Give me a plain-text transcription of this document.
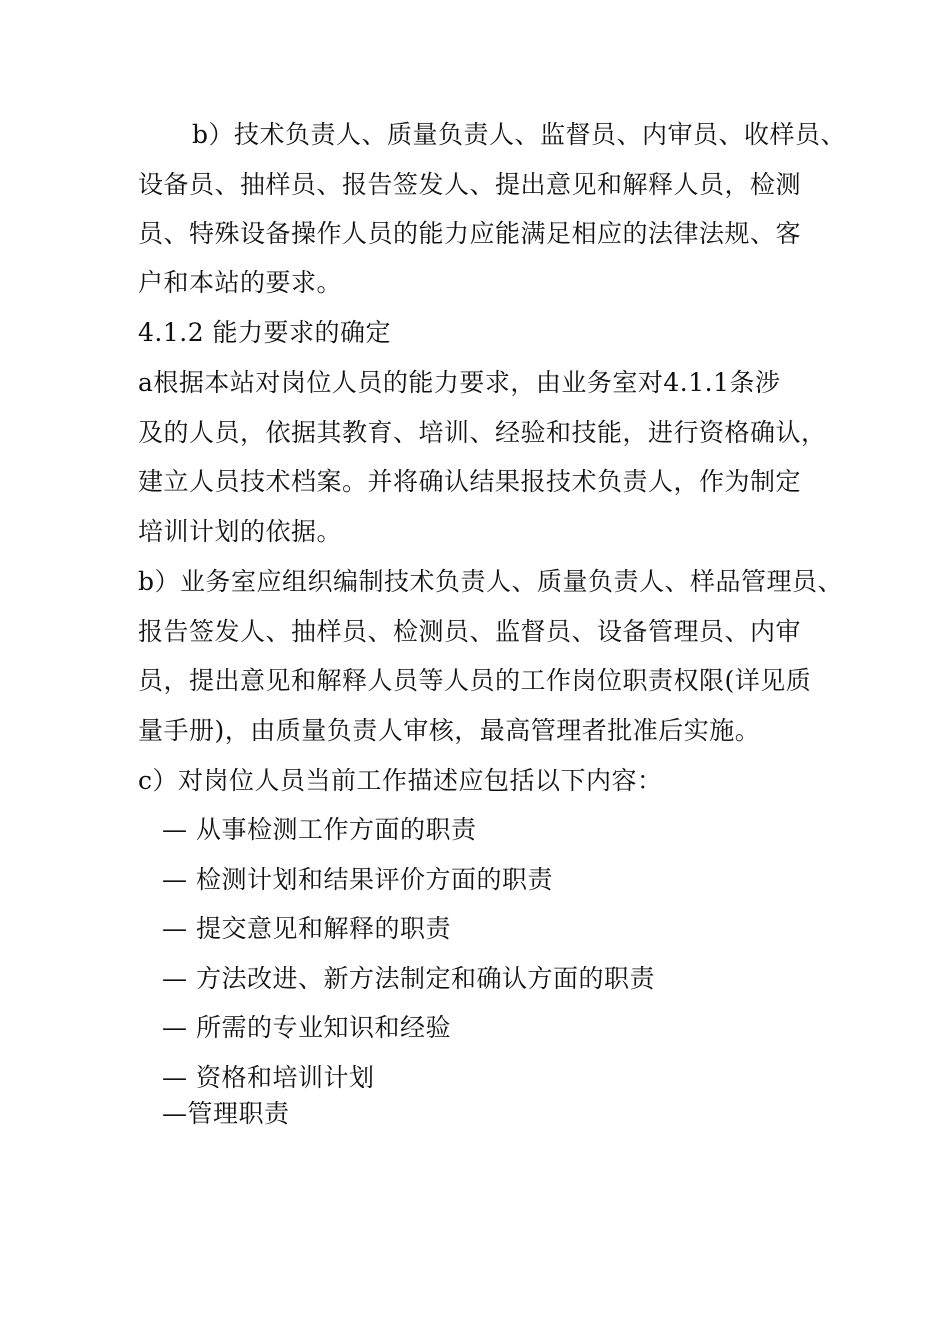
b）技术负责人、质量负责人、监督员、内审员、收样员、
设备员、抽样员、报告签发人、提出意见和解释人员，检测
员、特殊设备操作人员的能力应能满足相应的法律法规、客
户和本站的要求。
4.1.2 能力要求的确定
a根据本站对岗位人员的能力要求，由业务室对4.1.1条涉
及的人员，依据其教育、培训、经验和技能，进行资格确认，
建立人员技术档案。并将确认结果报技术负责人，作为制定
培训计划的依据。
b）业务室应组织编制技术负责人、质量负责人、样品管理员、
报告签发人、抽样员、检测员、监督员、设备管理员、内审
员，提出意见和解释人员等人员的工作岗位职责权限(详见质
量手册)，由质量负责人审核，最高管理者批准后实施。
c）对岗位人员当前工作描述应包括以下内容：
— 从事检测工作方面的职责
— 检测计划和结果评价方面的职责
— 提交意见和解释的职责
— 方法改进、新方法制定和确认方面的职责
— 所需的专业知识和经验
— 资格和培训计划
—管理职责
